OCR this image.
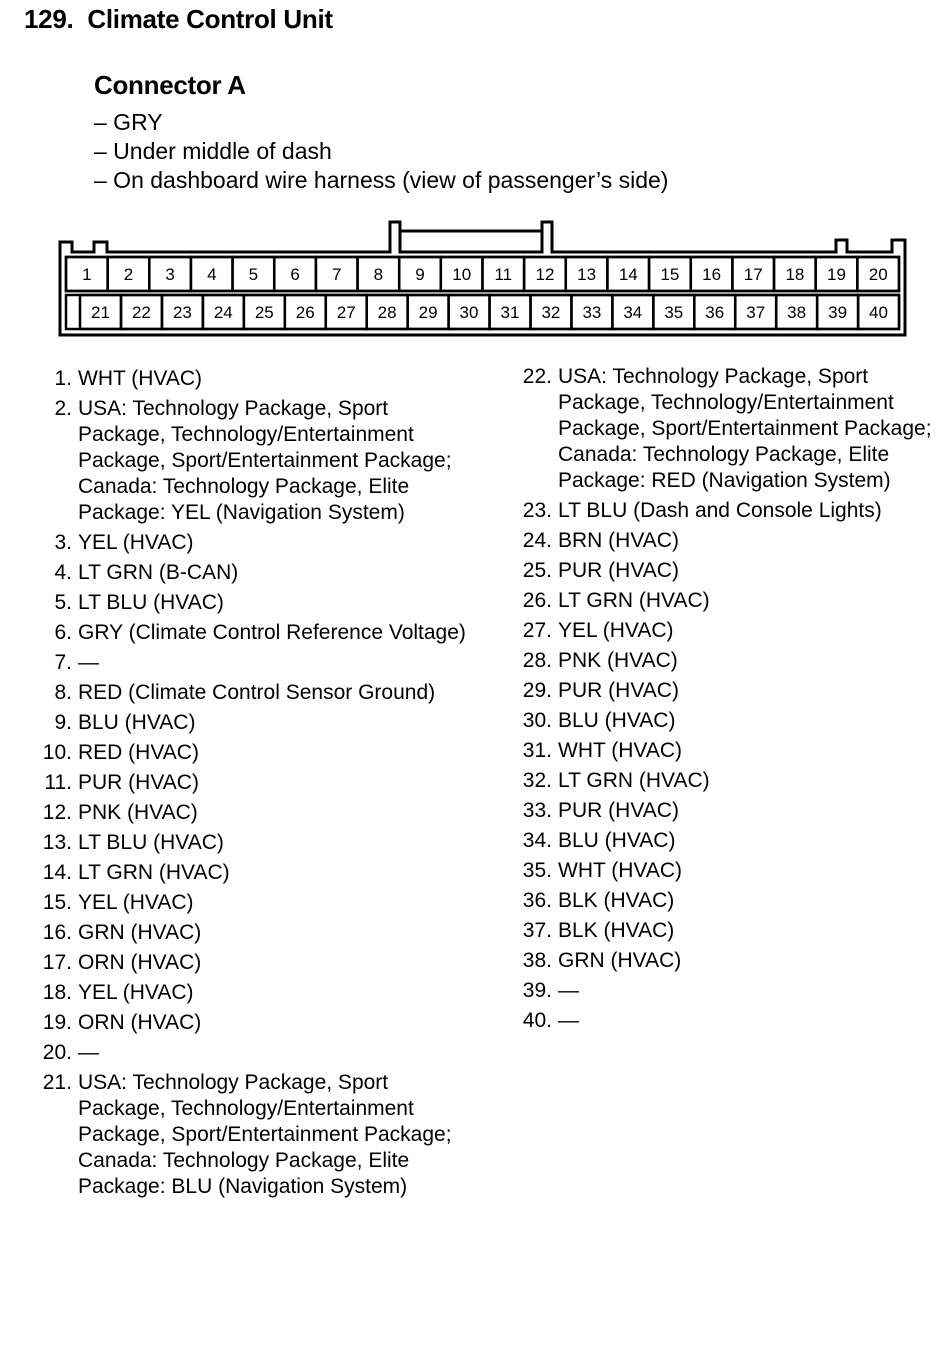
129. Climate Control Unit
Connector A
– GRY
– Under middle of dash
– On dashboard wire harness (view of passenger’s side)
1 2 3 4 5 6 7 8 9 10 11 12 13 14 15 16 17 18 19 20
21 22 23 24 25 26 27 28 29 30 31 32 33 34 35 36 37 38 39 40
1. WHT (HVAC)
2. USA: Technology Package, Sport Package, Technology/Entertainment Package, Sport/Entertainment Package; Canada: Technology Package, Elite Package: YEL (Navigation System)
3. YEL (HVAC)
4. LT GRN (B-CAN)
5. LT BLU (HVAC)
6. GRY (Climate Control Reference Voltage)
7. —
8. RED (Climate Control Sensor Ground)
9. BLU (HVAC)
10. RED (HVAC)
11. PUR (HVAC)
12. PNK (HVAC)
13. LT BLU (HVAC)
14. LT GRN (HVAC)
15. YEL (HVAC)
16. GRN (HVAC)
17. ORN (HVAC)
18. YEL (HVAC)
19. ORN (HVAC)
20. —
21. USA: Technology Package, Sport Package, Technology/Entertainment Package, Sport/Entertainment Package; Canada: Technology Package, Elite Package: BLU (Navigation System)
22. USA: Technology Package, Sport Package, Technology/Entertainment Package, Sport/Entertainment Package; Canada: Technology Package, Elite Package: RED (Navigation System)
23. LT BLU (Dash and Console Lights)
24. BRN (HVAC)
25. PUR (HVAC)
26. LT GRN (HVAC)
27. YEL (HVAC)
28. PNK (HVAC)
29. PUR (HVAC)
30. BLU (HVAC)
31. WHT (HVAC)
32. LT GRN (HVAC)
33. PUR (HVAC)
34. BLU (HVAC)
35. WHT (HVAC)
36. BLK (HVAC)
37. BLK (HVAC)
38. GRN (HVAC)
39. —
40. —
